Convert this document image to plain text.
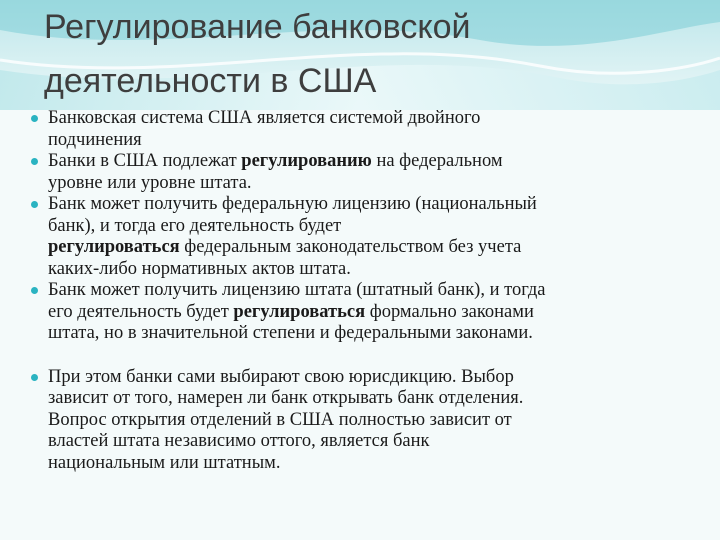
Регулирование банковской
деятельности в США
Банковская система США является системой двойного
подчинения
Банки в США подлежат регулированию на федеральном
уровне или уровне штата.
Банк может получить федеральную лицензию (национальный
банк), и тогда его деятельность будет
регулироваться федеральным законодательством без учета
каких-либо нормативных актов штата.
Банк может получить лицензию штата (штатный банк), и тогда
его деятельность будет регулироваться формально законами
штата, но в значительной степени и федеральными законами.
При этом банки сами выбирают свою юрисдикцию. Выбор
зависит от того, намерен ли банк открывать банк отделения.
Вопрос открытия отделений в США полностью зависит от
властей штата независимо оттого, является банк
национальным или штатным.
